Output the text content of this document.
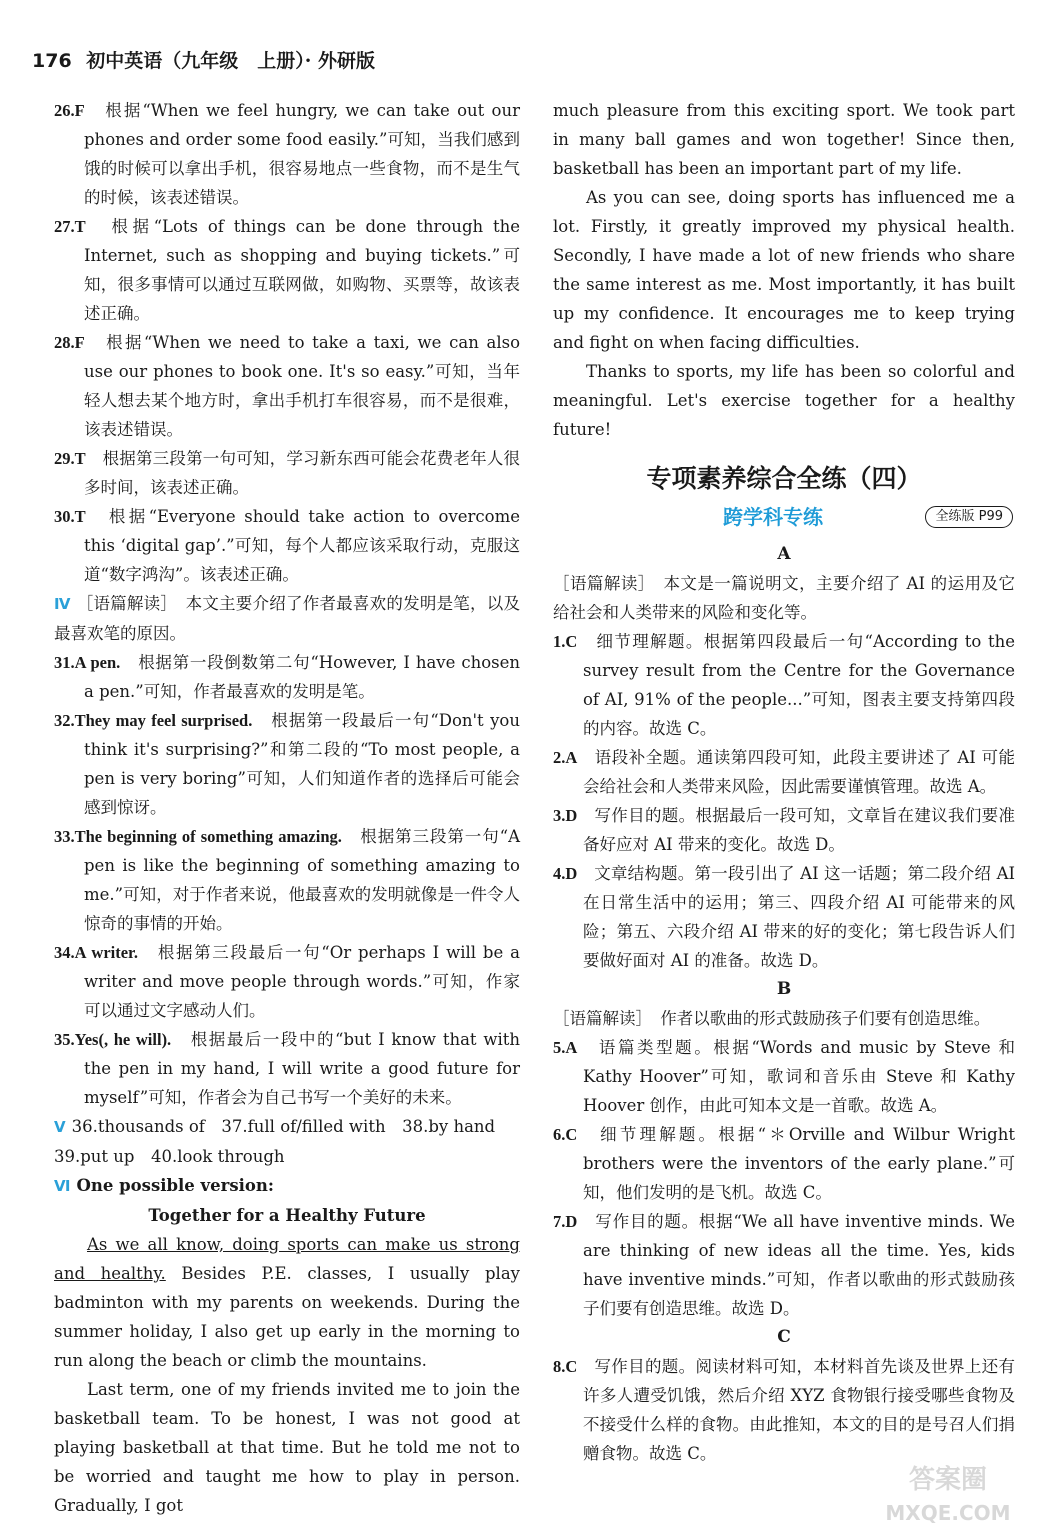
176 初中英语（九年级　上册）· 外研版

26.F　 根据“When we feel hungry, we can take out our phones and order some food easily.”可知，当我们感到饿的时候可以拿出手机，很容易地点一些食物，而不是生气的时候，该表述错误。

27.T　 根据“Lots of things can be done through the Internet, such as shopping and buying tickets.”可知，很多事情可以通过互联网做，如购物、买票等，故该表述正确。

28.F　 根据“When we need to take a taxi, we can also use our phones to book one. It's so easy.”可知，当年轻人想去某个地方时，拿出手机打车很容易，而不是很难，该表述错误。

29.T　 根据第三段第一句可知，学习新东西可能会花费老年人很多时间，该表述正确。

30.T　 根据“Everyone should take action to overcome this ‘digital gap’.”可知，每个人都应该采取行动，克服这道“数字鸿沟”。该表述正确。

Ⅳ ［语篇解读］　本文主要介绍了作者最喜欢的发明是笔，以及最喜欢笔的原因。

31.A pen.　 根据第一段倒数第二句“However, I have chosen a pen.”可知，作者最喜欢的发明是笔。

32.They may feel surprised.　 根据第一段最后一句“Don't you think it's surprising?”和第二段的“To most people, a pen is very boring”可知，人们知道作者的选择后可能会感到惊讶。

33.The beginning of something amazing.　 根据第三段第一句“A pen is like the beginning of something amazing to me.”可知，对于作者来说，他最喜欢的发明就像是一件令人惊奇的事情的开始。

34.A writer.　 根据第三段最后一句“Or perhaps I will be a writer and move people through words.”可知，作家可以通过文字感动人们。

35.Yes(, he will).　 根据最后一段中的“but I know that with the pen in my hand, I will write a good future for myself”可知，作者会为自己书写一个美好的未来。

Ⅴ 36.thousands of　37.full of/filled with　38.by hand

39.put up　40.look through

Ⅵ One possible version:

Together for a Healthy Future

As we all know, doing sports can make us strong and healthy. Besides P.E. classes, I usually play badminton with my parents on weekends. During the summer holiday, I also get up early in the morning to run along the beach or climb the mountains.

Last term, one of my friends invited me to join the basketball team. To be honest, I was not good at playing basketball at that time. But he told me not to be worried and taught me how to play in person. Gradually, I got

much pleasure from this exciting sport. We took part in many ball games and won together! Since then, basketball has been an important part of my life.

As you can see, doing sports has influenced me a lot. Firstly, it greatly improved my physical health. Secondly, I have made a lot of new friends who share the same interest as me. Most importantly, it has built up my confidence. It encourages me to keep trying and fight on when facing difficulties.

Thanks to sports, my life has been so colorful and meaningful. Let's exercise together for a healthy future!

专项素养综合全练（四）
跨学科专练	全练版 P99

A

［语篇解读］　本文是一篇说明文，主要介绍了 AI 的运用及它给社会和人类带来的风险和变化等。

1.C　 细节理解题。根据第四段最后一句“According to the survey result from the Centre for the Governance of AI, 91% of the people...”可知，图表主要支持第四段的内容。故选 C。

2.A　 语段补全题。通读第四段可知，此段主要讲述了 AI 可能会给社会和人类带来风险，因此需要谨慎管理。故选 A。

3.D　 写作目的题。根据最后一段可知，文章旨在建议我们要准备好应对 AI 带来的变化。故选 D。

4.D　 文章结构题。第一段引出了 AI 这一话题；第二段介绍 AI 在日常生活中的运用；第三、四段介绍 AI 可能带来的风险；第五、六段介绍 AI 带来的好的变化；第七段告诉人们要做好面对 AI 的准备。故选 D。

B

［语篇解读］　作者以歌曲的形式鼓励孩子们要有创造思维。

5.A　 语篇类型题。根据“Words and music by Steve 和 Kathy Hoover”可知，歌词和音乐由 Steve 和 Kathy Hoover 创作，由此可知本文是一首歌。故选 A。

6.C　 细节理解题。根据“＊Orville and Wilbur Wright brothers were the inventors of the early plane.”可知，他们发明的是飞机。故选 C。

7.D　 写作目的题。根据“We all have inventive minds. We are thinking of new ideas all the time. Yes, kids have inventive minds.”可知，作者以歌曲的形式鼓励孩子们要有创造思维。故选 D。

C

8.C　 写作目的题。阅读材料可知，本材料首先谈及世界上还有许多人遭受饥饿，然后介绍 XYZ 食物银行接受哪些食物及不接受什么样的食物。由此推知，本文的目的是号召人们捐赠食物。故选 C。

答案圈
MXQE.COM
